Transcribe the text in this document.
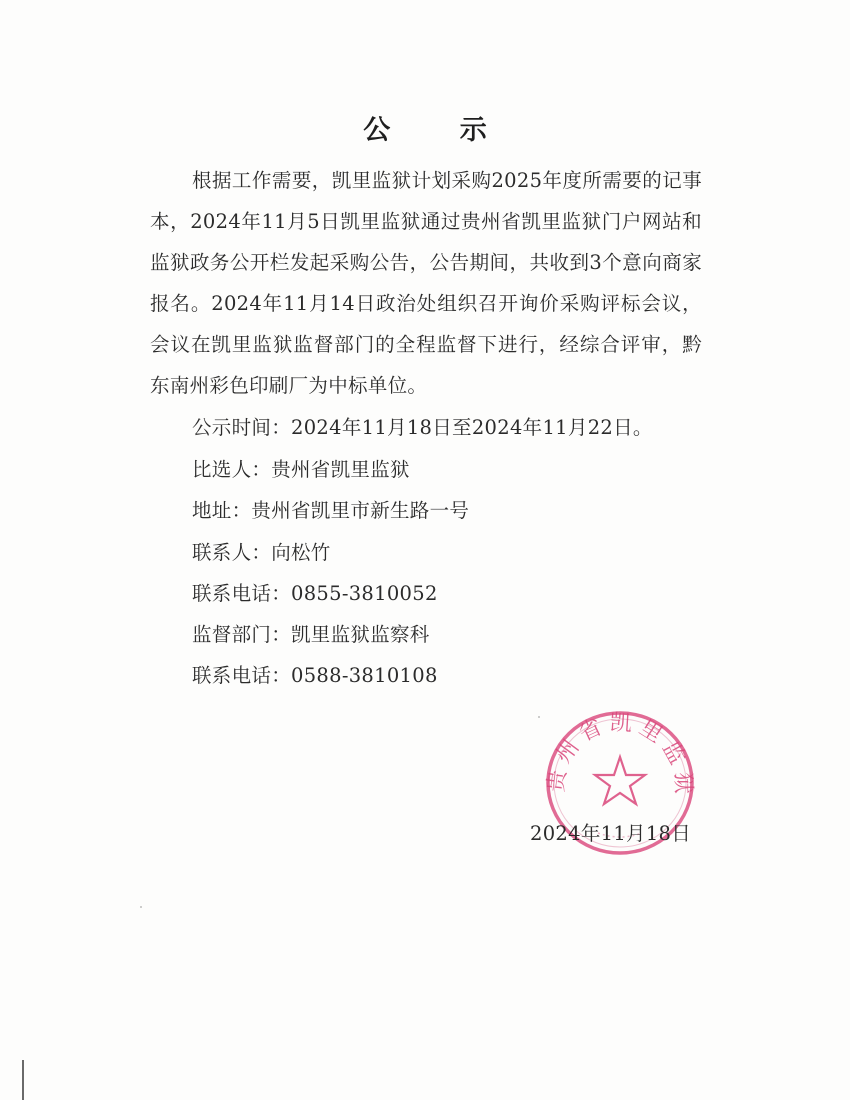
公 示

根据工作需要，凯里监狱计划采购2025年度所需要的记事本，2024年11月5日凯里监狱通过贵州省凯里监狱门户网站和监狱政务公开栏发起采购公告，公告期间，共收到3个意向商家报名。2024年11月14日政治处组织召开询价采购评标会议，会议在凯里监狱监督部门的全程监督下进行，经综合评审，黔东南州彩色印刷厂为中标单位。

公示时间：2024年11月18日至2024年11月22日。
比选人：贵州省凯里监狱
地址：贵州省凯里市新生路一号
联系人：向松竹
联系电话：0855-3810052
监督部门：凯里监狱监察科
联系电话：0588-3810108
贵州省凯里监狱
2024年11月18日
